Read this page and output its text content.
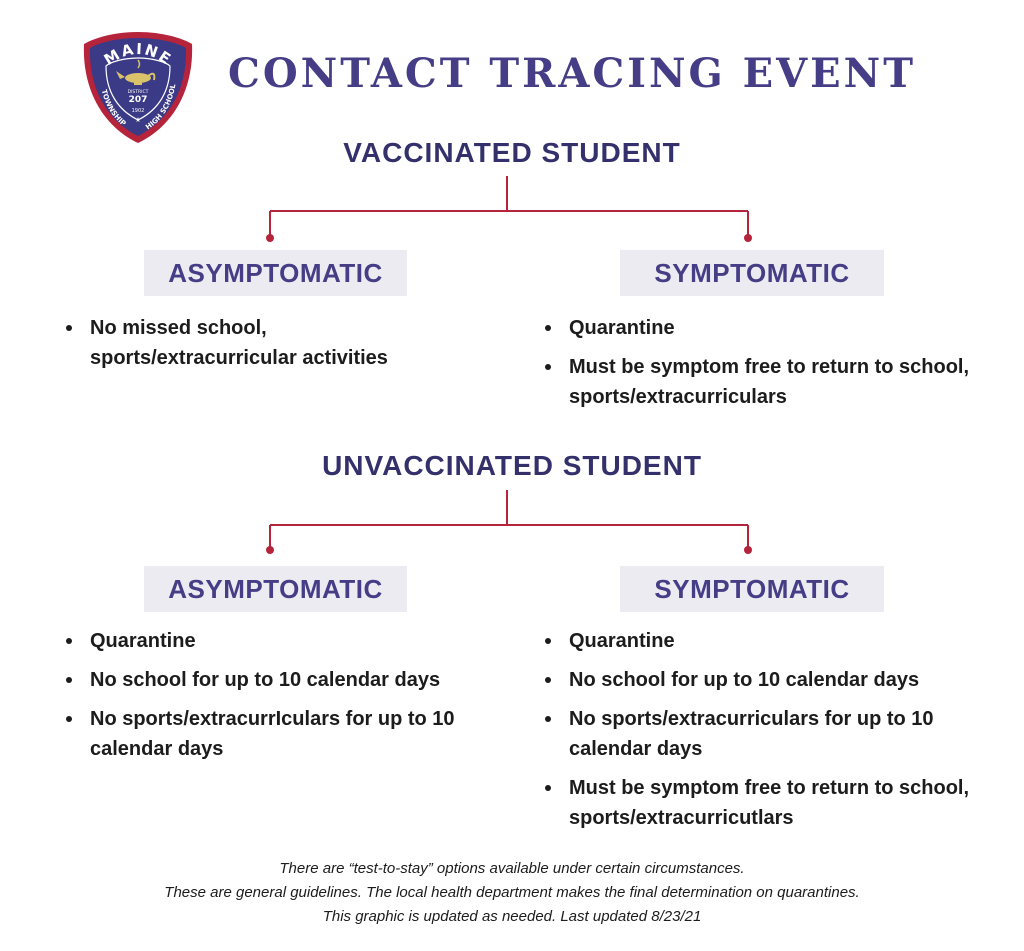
MAINE
TOWNSHIP HIGH SCHOOL
DISTRICT
207
1902
★
CONTACT TRACING EVENT
VACCINATED STUDENT
ASYMPTOMATIC	SYMPTOMATIC
No missed school, sports/extracurricular activities
Quarantine
Must be symptom free to return to school, sports/extracurriculars
UNVACCINATED STUDENT
ASYMPTOMATIC	SYMPTOMATIC
Quarantine
No school for up to 10 calendar days
No sports/extracurrIculars for up to 10 calendar days
Quarantine
No school for up to 10 calendar days
No sports/extracurriculars for up to 10 calendar days
Must be symptom free to return to school, sports/extracurricutlars
There are “test-to-stay” options available under certain circumstances.
These are general guidelines. The local health department makes the final determination on quarantines.
This graphic is updated as needed. Last updated 8/23/21
